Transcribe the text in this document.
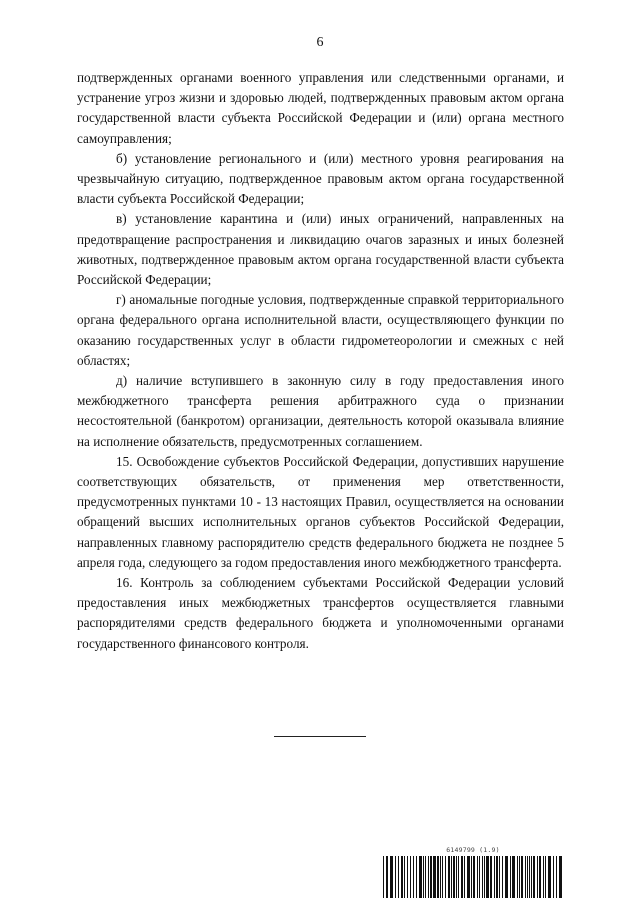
6

подтвержденных органами военного управления или следственными органами, и устранение угроз жизни и здоровью людей, подтвержденных правовым актом органа государственной власти субъекта Российской Федерации и (или) органа местного самоуправления;

б) установление регионального и (или) местного уровня реагирования на чрезвычайную ситуацию, подтвержденное правовым актом органа государственной власти субъекта Российской Федерации;

в) установление карантина и (или) иных ограничений, направленных на предотвращение распространения и ликвидацию очагов заразных и иных болезней животных, подтвержденное правовым актом органа государственной власти субъекта Российской Федерации;

г) аномальные погодные условия, подтвержденные справкой территориального органа федерального органа исполнительной власти, осуществляющего функции по оказанию государственных услуг в области гидрометеорологии и смежных с ней областях;

д) наличие вступившего в законную силу в году предоставления иного межбюджетного трансферта решения арбитражного суда о признании несостоятельной (банкротом) организации, деятельность которой оказывала влияние на исполнение обязательств, предусмотренных соглашением.

15. Освобождение субъектов Российской Федерации, допустивших нарушение соответствующих обязательств, от применения мер ответственности, предусмотренных пунктами 10 - 13 настоящих Правил, осуществляется на основании обращений высших исполнительных органов субъектов Российской Федерации, направленных главному распорядителю средств федерального бюджета не позднее 5 апреля года, следующего за годом предоставления иного межбюджетного трансферта.

16. Контроль за соблюдением субъектами Российской Федерации условий предоставления иных межбюджетных трансфертов осуществляется главными распорядителями средств федерального бюджета и уполномоченными органами государственного финансового контроля.

6149799 (1.9)
